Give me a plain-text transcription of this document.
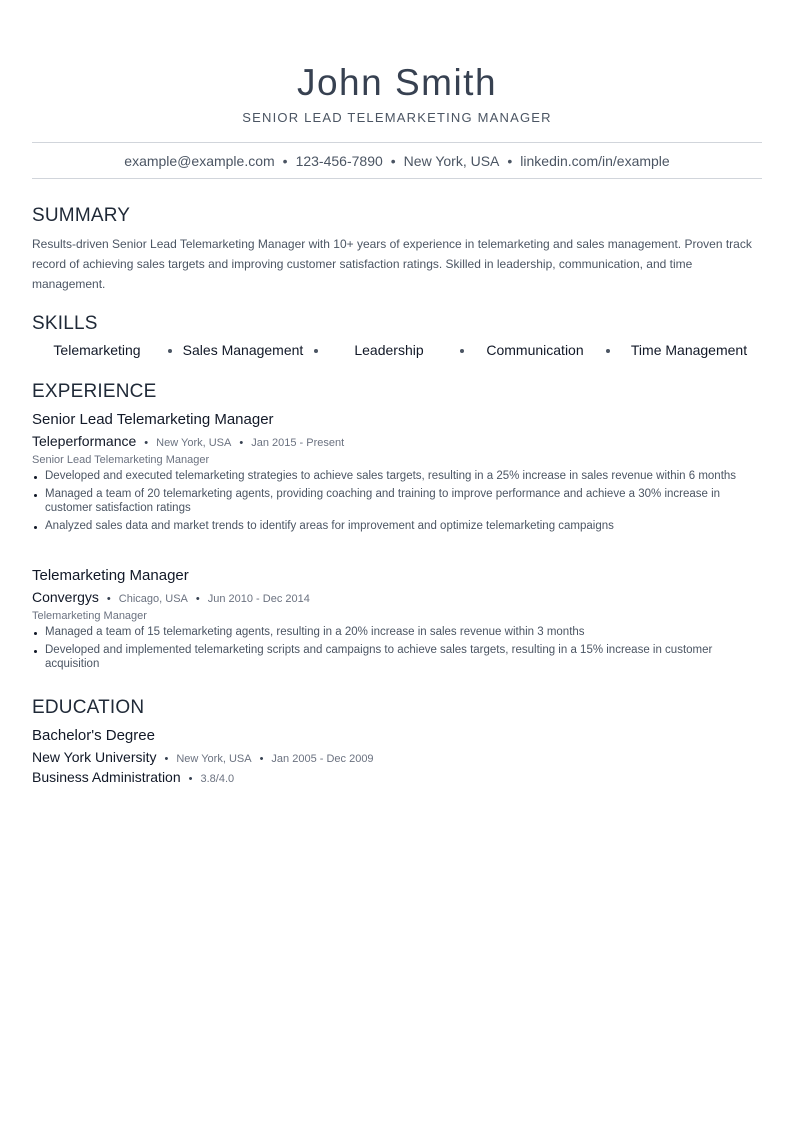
John Smith
SENIOR LEAD TELEMARKETING MANAGER
example@example.com • 123-456-7890 • New York, USA • linkedin.com/in/example
SUMMARY
Results-driven Senior Lead Telemarketing Manager with 10+ years of experience in telemarketing and sales management. Proven track record of achieving sales targets and improving customer satisfaction ratings. Skilled in leadership, communication, and time management.
SKILLS
Telemarketing	Sales Management	Leadership	Communication	Time Management
EXPERIENCE
Senior Lead Telemarketing Manager
Teleperformance • New York, USA • Jan 2015 - Present
Senior Lead Telemarketing Manager
Developed and executed telemarketing strategies to achieve sales targets, resulting in a 25% increase in sales revenue within 6 months
Managed a team of 20 telemarketing agents, providing coaching and training to improve performance and achieve a 30% increase in customer satisfaction ratings
Analyzed sales data and market trends to identify areas for improvement and optimize telemarketing campaigns
Telemarketing Manager
Convergys • Chicago, USA • Jun 2010 - Dec 2014
Telemarketing Manager
Managed a team of 15 telemarketing agents, resulting in a 20% increase in sales revenue within 3 months
Developed and implemented telemarketing scripts and campaigns to achieve sales targets, resulting in a 15% increase in customer acquisition
EDUCATION
Bachelor's Degree
New York University • New York, USA • Jan 2005 - Dec 2009
Business Administration • 3.8/4.0
